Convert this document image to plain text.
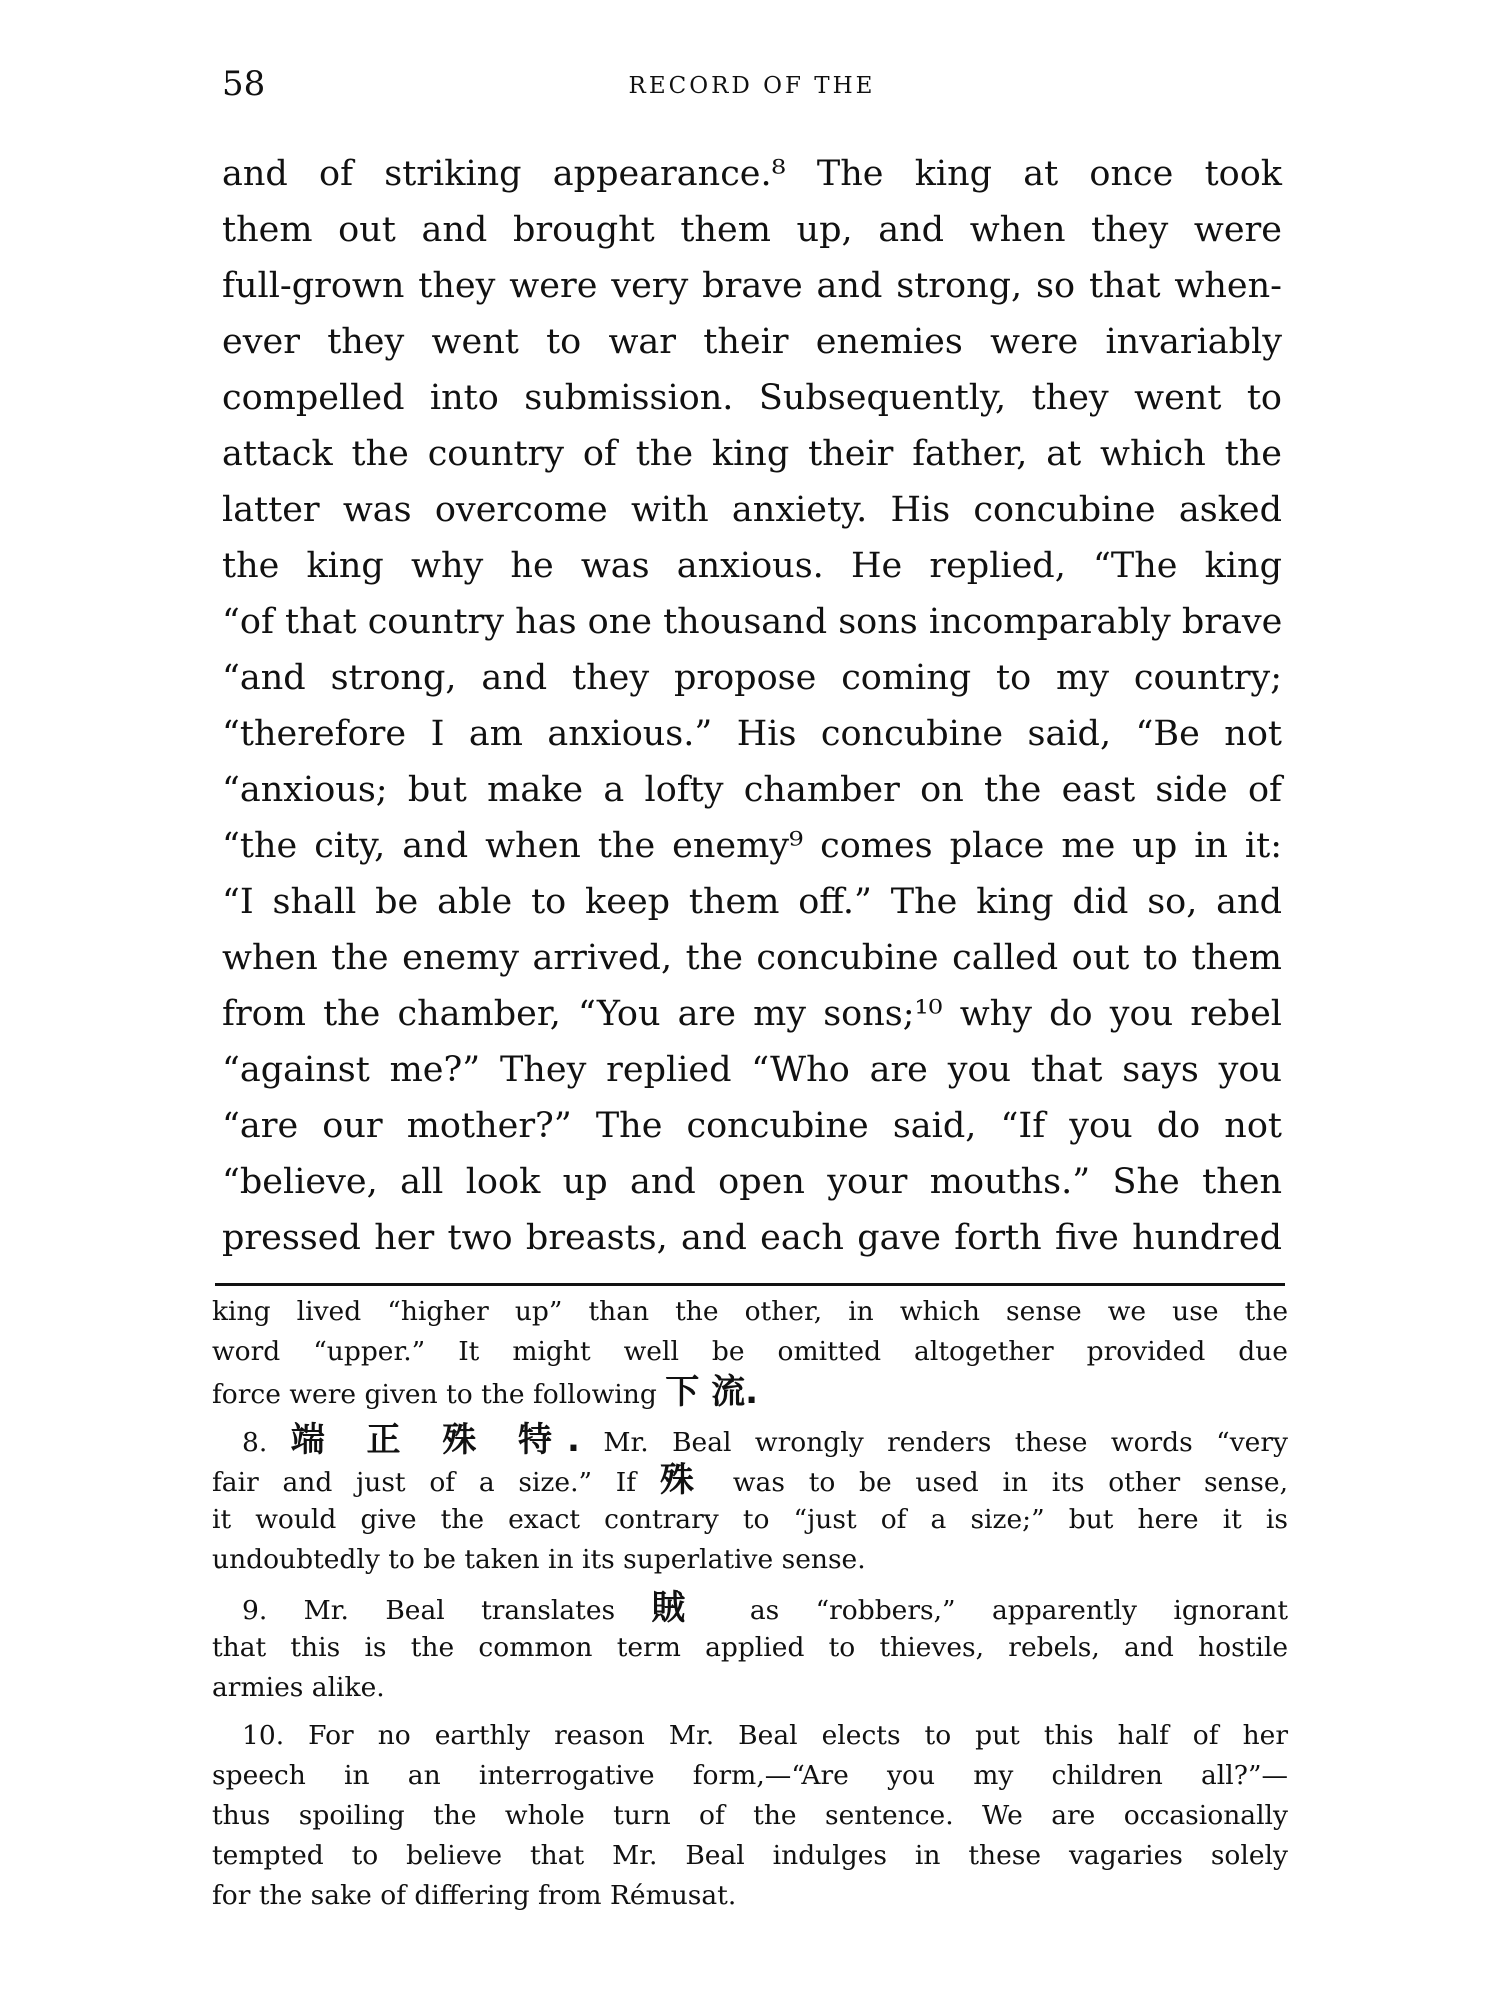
58	RECORD OF THE
and of striking appearance.⁸ The king at once took
them out and brought them up, and when they were
full-grown they were very brave and strong, so that when-
ever they went to war their enemies were invariably
compelled into submission. Subsequently, they went to
attack the country of the king their father, at which the
latter was overcome with anxiety. His concubine asked
the king why he was anxious. He replied, “The king
“of that country has one thousand sons incomparably brave
“and strong, and they propose coming to my country;
“therefore I am anxious.” His concubine said, “Be not
“anxious; but make a lofty chamber on the east side of
“the city, and when the enemy⁹ comes place me up in it:
“I shall be able to keep them off.” The king did so, and
when the enemy arrived, the concubine called out to them
from the chamber, “You are my sons;¹⁰ why do you rebel
“against me?” They replied “Who are you that says you
“are our mother?” The concubine said, “If you do not
“believe, all look up and open your mouths.” She then
pressed her two breasts, and each gave forth five hundred
king lived “higher up” than the other, in which sense we use the
word “upper.” It might well be omitted altogether provided due
force were given to the following 下 流.
8. 端 正 殊 特. Mr. Beal wrongly renders these words “very
fair and just of a size.” If 殊 was to be used in its other sense,
it would give the exact contrary to “just of a size;” but here it is
undoubtedly to be taken in its superlative sense.
9. Mr. Beal translates 賊 as “robbers,” apparently ignorant
that this is the common term applied to thieves, rebels, and hostile
armies alike.
10. For no earthly reason Mr. Beal elects to put this half of her
speech in an interrogative form,—“Are you my children all?”—
thus spoiling the whole turn of the sentence. We are occasionally
tempted to believe that Mr. Beal indulges in these vagaries solely
for the sake of differing from Rémusat.
